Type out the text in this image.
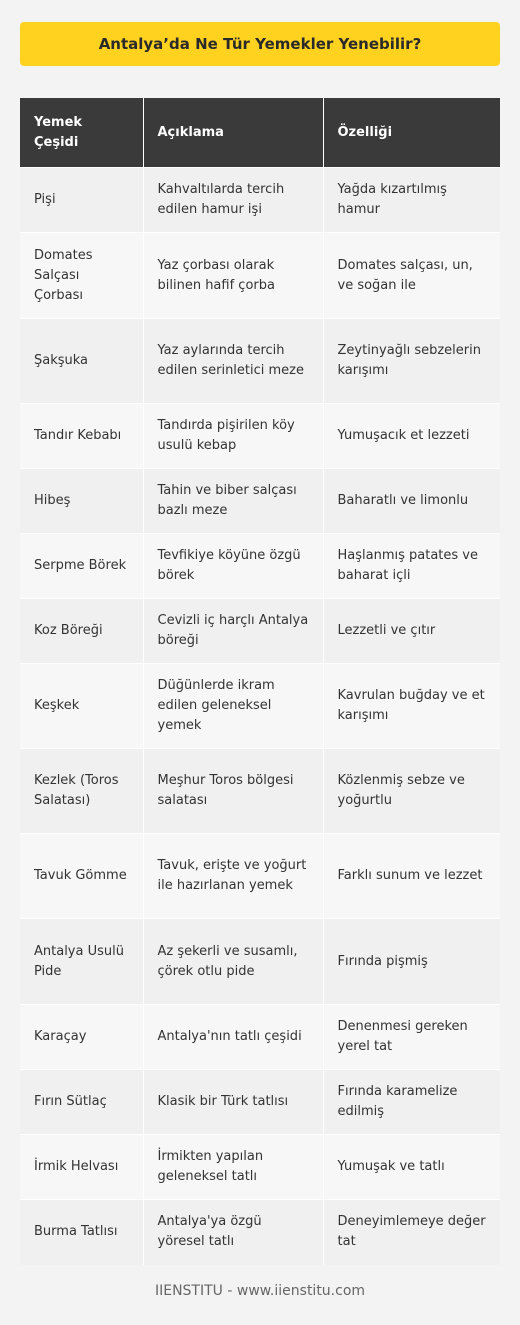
Antalya’da Ne Tür Yemekler Yenebilir?
Yemek Çeşidi	Açıklama	Özelliği
Pişi	Kahvaltılarda tercih edilen hamur işi	Yağda kızartılmış hamur
Domates Salçası Çorbası	Yaz çorbası olarak bilinen hafif çorba	Domates salçası, un, ve soğan ile
Şakşuka	Yaz aylarında tercih edilen serinletici meze	Zeytinyağlı sebzelerin karışımı
Tandır Kebabı	Tandırda pişirilen köy usulü kebap	Yumuşacık et lezzeti
Hibeş	Tahin ve biber salçası bazlı meze	Baharatlı ve limonlu
Serpme Börek	Tevfikiye köyüne özgü börek	Haşlanmış patates ve baharat içli
Koz Böreği	Cevizli iç harçlı Antalya böreği	Lezzetli ve çıtır
Keşkek	Düğünlerde ikram edilen geleneksel yemek	Kavrulan buğday ve et karışımı
Kezlek (Toros Salatası)	Meşhur Toros bölgesi salatası	Közlenmiş sebze ve yoğurtlu
Tavuk Gömme	Tavuk, erişte ve yoğurt ile hazırlanan yemek	Farklı sunum ve lezzet
Antalya Usulü Pide	Az şekerli ve susamlı, çörek otlu pide	Fırında pişmiş
Karaçay	Antalya'nın tatlı çeşidi	Denenmesi gereken yerel tat
Fırın Sütlaç	Klasik bir Türk tatlısı	Fırında karamelize edilmiş
İrmik Helvası	İrmikten yapılan geleneksel tatlı	Yumuşak ve tatlı
Burma Tatlısı	Antalya'ya özgü yöresel tatlı	Deneyimlemeye değer tat
IIENSTITU - www.iienstitu.com
